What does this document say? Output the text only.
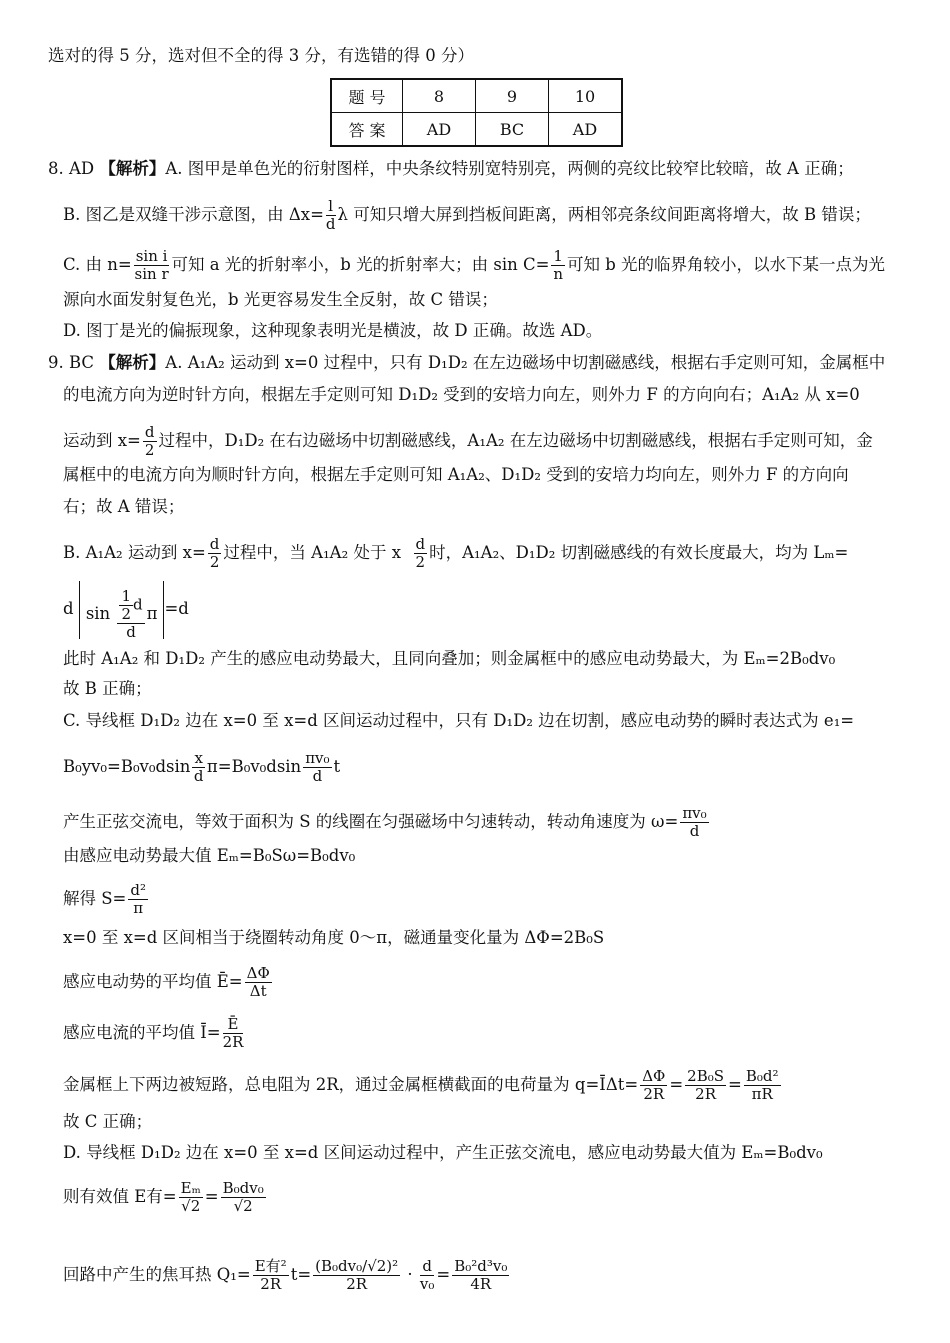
选对的得 5 分，选对但不全的得 3 分，有选错的得 0 分）
题 号	8	9	10
答 案	AD	BC	AD
8. AD 【解析】A. 图甲是单色光的衍射图样，中央条纹特别宽特别亮，两侧的亮纹比较窄比较暗，故 A 正确；
B. 图乙是双缝干涉示意图，由 $\Delta x= \frac{l}{d}$ λ 可知只增大屏到挡板间距离，两相邻亮条纹间距离将增大，故 B 错误；
C. 由 $n= \frac{\text{sin i}}{\text{sin r}}$ 可知 a 光的折射率小，b 光的折射率大；由 $\sin C= \frac{1}{n}$ 可知 b 光的临界角较小，以水下某一点为光
源向水面发射复色光，b 光更容易发生全反射，故 C 错误；
D. 图丁是光的偏振现象，这种现象表明光是横波，故 D 正确。故选 AD。
9. BC 【解析】A. A₁A₂ 运动到 x=0 过程中，只有 D₁D₂ 在左边磁场中切割磁感线，根据右手定则可知，金属框中
的电流方向为逆时针方向，根据左手定则可知 D₁D₂ 受到的安培力向左，则外力 F 的方向向右；A₁A₂ 从 x=0
运动到 $x= \frac{d}{2}$ 过程中，D₁D₂ 在右边磁场中切割磁感线，A₁A₂ 在左边磁场中切割磁感线，根据右手定则可知，金
属框中的电流方向为顺时针方向，根据左手定则可知 A₁A₂、D₁D₂ 受到的安培力均向左，则外力 F 的方向向
右；故 A 错误；
B. A₁A₂ 运动到 $x= \frac{d}{2}$ 过程中，当 A₁A₂ 处于 x $\frac{d}{2}$ 时，A₁A₂、D₁D₂ 切割磁感线的有效长度最大，均为 Lₘ=
d $\sin \frac{\frac{1}{2} d}{d}$ π =d
此时 A₁A₂ 和 D₁D₂ 产生的感应电动势最大，且同向叠加；则金属框中的感应电动势最大，为 Eₘ=2B₀dv₀
故 B 正确；
C. 导线框 D₁D₂ 边在 x=0 至 x=d 区间运动过程中，只有 D₁D₂ 边在切割，感应电动势的瞬时表达式为 e₁=
$B_0yv_0=B_0v_0dsin \frac{x}{d} \pi=B_0v_0dsin \frac{\text{πv₀}}{d}$ t
产生正弦交流电，等效于面积为 S 的线圈在匀强磁场中匀速转动，转动角速度为 $\omega= \frac{\text{πv₀}}{d}$
由感应电动势最大值 Eₘ=B₀Sω=B₀dv₀
解得 $S= \frac{\text{d²}}{\pi}$
x=0 至 x=d 区间相当于绕圈转动角度 0～π，磁通量变化量为 ΔΦ=2B₀S
感应电动势的平均值 Ē= $\frac{\Delta\Phi}{\Delta t}$
感应电流的平均值 Ī= $\frac{Ē}{2R}$
金属框上下两边被短路，总电阻为 2R，通过金属框横截面的电荷量为 q=ĪΔt= $\frac{\Delta\Phi}{2R} = \frac{\text{2B₀S}}{2R} = \frac{\text{B₀d²}}{\pi R}$
故 C 正确；
D. 导线框 D₁D₂ 边在 x=0 至 x=d 区间运动过程中，产生正弦交流电，感应电动势最大值为 Eₘ=B₀dv₀
则有效值 E有= $\frac{\text{Eₘ}}{√2} = \frac{\text{B₀dv₀}}{√2}$
回路中产生的焦耳热 $Q_1= \frac{\text{E有²}}{2R} t= \frac{\text{(B₀dv₀/√2)²}}{2R} \cdot \frac{d}{\text{v₀}} = \frac{\text{B₀²d³v₀}}{4R}$
